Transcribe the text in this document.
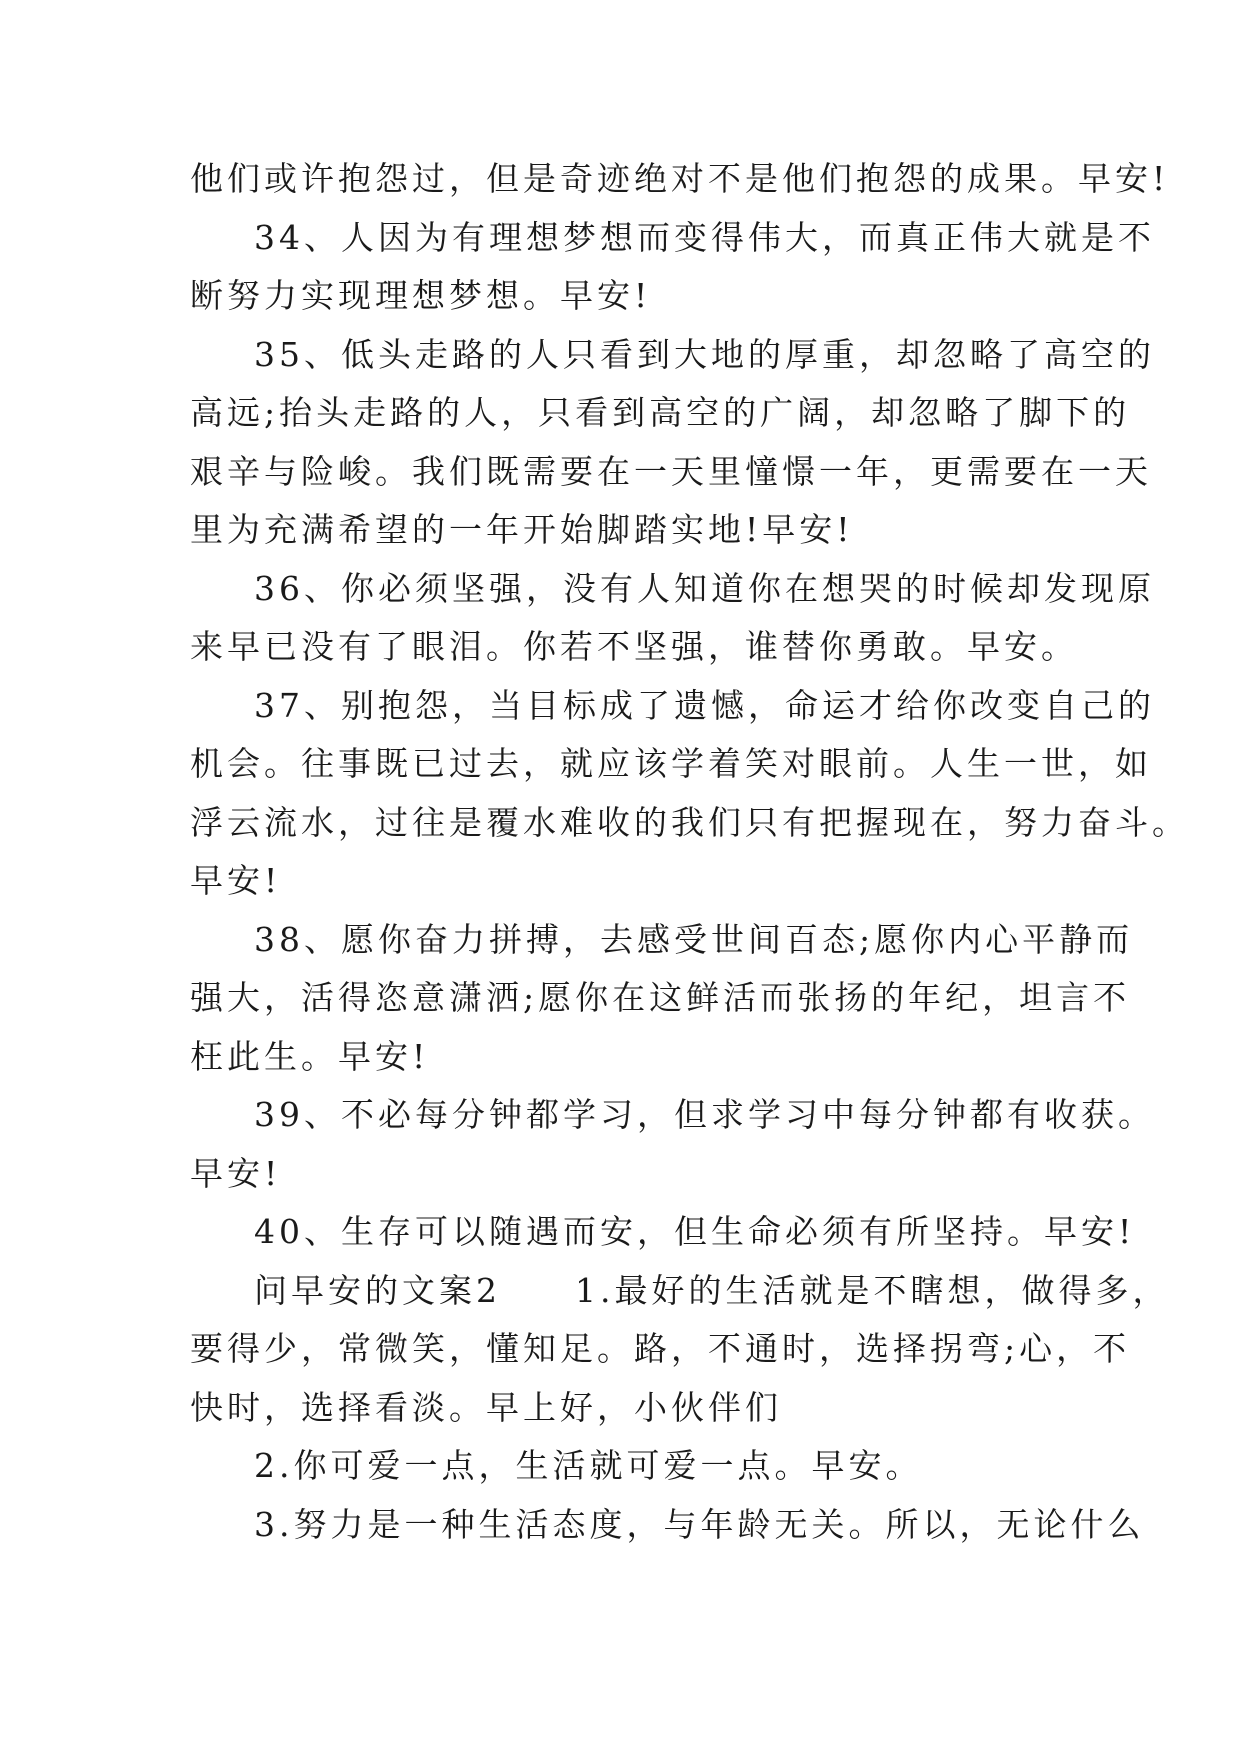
他们或许抱怨过，但是奇迹绝对不是他们抱怨的成果。早安!
34、人因为有理想梦想而变得伟大，而真正伟大就是不
断努力实现理想梦想。早安!
35、低头走路的人只看到大地的厚重，却忽略了高空的
高远;抬头走路的人，只看到高空的广阔，却忽略了脚下的
艰辛与险峻。我们既需要在一天里憧憬一年，更需要在一天
里为充满希望的一年开始脚踏实地!早安!
36、你必须坚强，没有人知道你在想哭的时候却发现原
来早已没有了眼泪。你若不坚强，谁替你勇敢。早安。
37、别抱怨，当目标成了遗憾，命运才给你改变自己的
机会。往事既已过去，就应该学着笑对眼前。人生一世，如
浮云流水，过往是覆水难收的我们只有把握现在，努力奋斗。
早安!
38、愿你奋力拼搏，去感受世间百态;愿你内心平静而
强大，活得恣意潇洒;愿你在这鲜活而张扬的年纪，坦言不
枉此生。早安!
39、不必每分钟都学习，但求学习中每分钟都有收获。
早安!
40、生存可以随遇而安，但生命必须有所坚持。早安!
问早安的文案2　　1.最好的生活就是不瞎想，做得多，
要得少，常微笑，懂知足。路，不通时，选择拐弯;心，不
快时，选择看淡。早上好，小伙伴们
2.你可爱一点，生活就可爱一点。早安。
3.努力是一种生活态度，与年龄无关。所以，无论什么
